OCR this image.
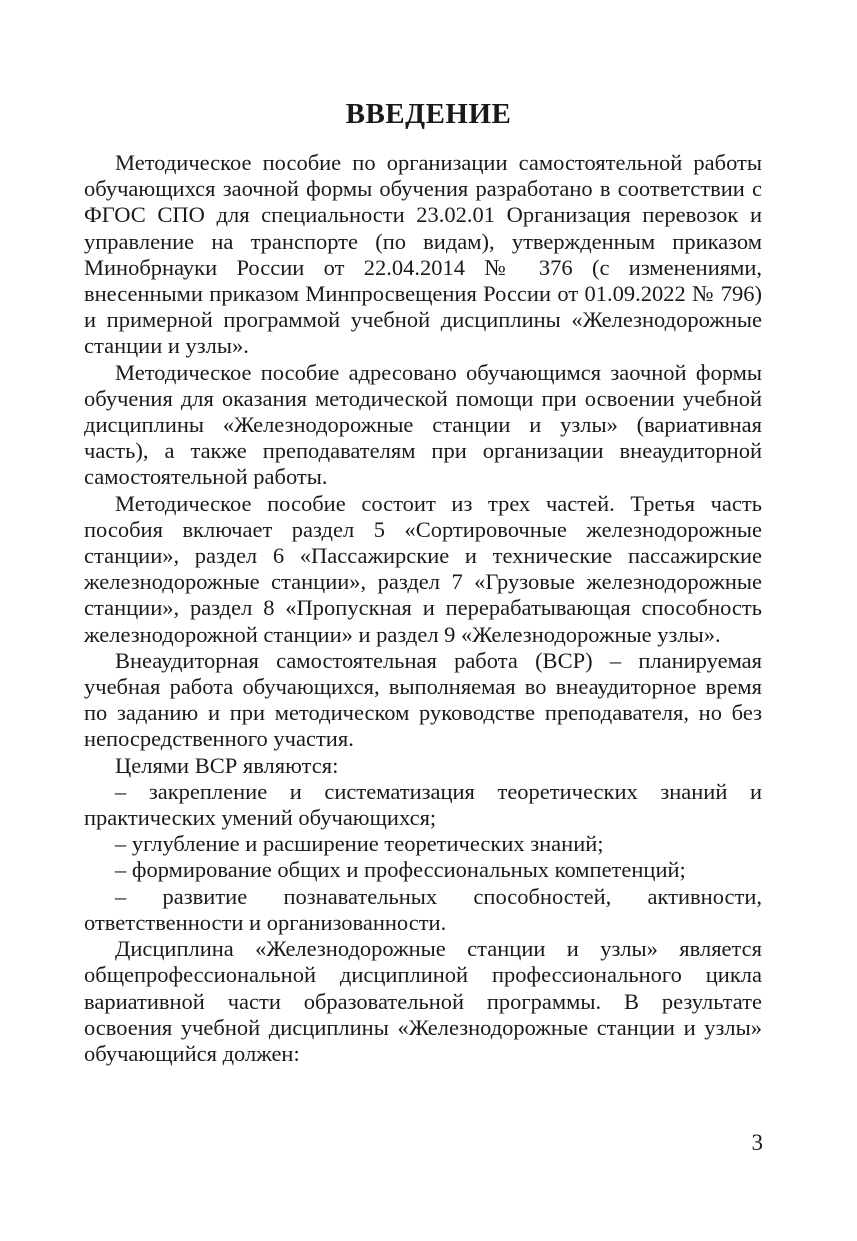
ВВЕДЕНИЕ

Методическое пособие по организации самостоятельной работы обучающихся заочной формы обучения разработано в соответствии с ФГОС СПО для специальности 23.02.01 Организация перевозок и управление на транспорте (по видам), утвержденным приказом Минобрнауки России от 22.04.2014 № 376 (с изменениями, внесенными приказом Минпросвещения России от 01.09.2022 № 796) и примерной программой учебной дисциплины «Железнодорожные станции и узлы».

Методическое пособие адресовано обучающимся заочной формы обучения для оказания методической помощи при освоении учебной дисциплины «Железнодорожные станции и узлы» (вариативная часть), а также преподавателям при организации внеаудиторной самостоятельной работы.

Методическое пособие состоит из трех частей. Третья часть пособия включает раздел 5 «Сортировочные железнодорожные станции», раздел 6 «Пассажирские и технические пассажирские железнодорожные станции», раздел 7 «Грузовые железнодорожные станции», раздел 8 «Пропускная и перерабатывающая способность железнодорожной станции» и раздел 9 «Железнодорожные узлы».

Внеаудиторная самостоятельная работа (ВСР) – планируемая учебная работа обучающихся, выполняемая во внеаудиторное время по заданию и при методическом руководстве преподавателя, но без непосредственного участия.

Целями ВСР являются:

– закрепление и систематизация теоретических знаний и практических умений обучающихся;

– углубление и расширение теоретических знаний;

– формирование общих и профессиональных компетенций;

– развитие познавательных способностей, активности, ответственности и организованности.

Дисциплина «Железнодорожные станции и узлы» является общепрофессиональной дисциплиной профессионального цикла вариативной части образовательной программы. В результате освоения учебной дисциплины «Железнодорожные станции и узлы» обучающийся должен:

3
